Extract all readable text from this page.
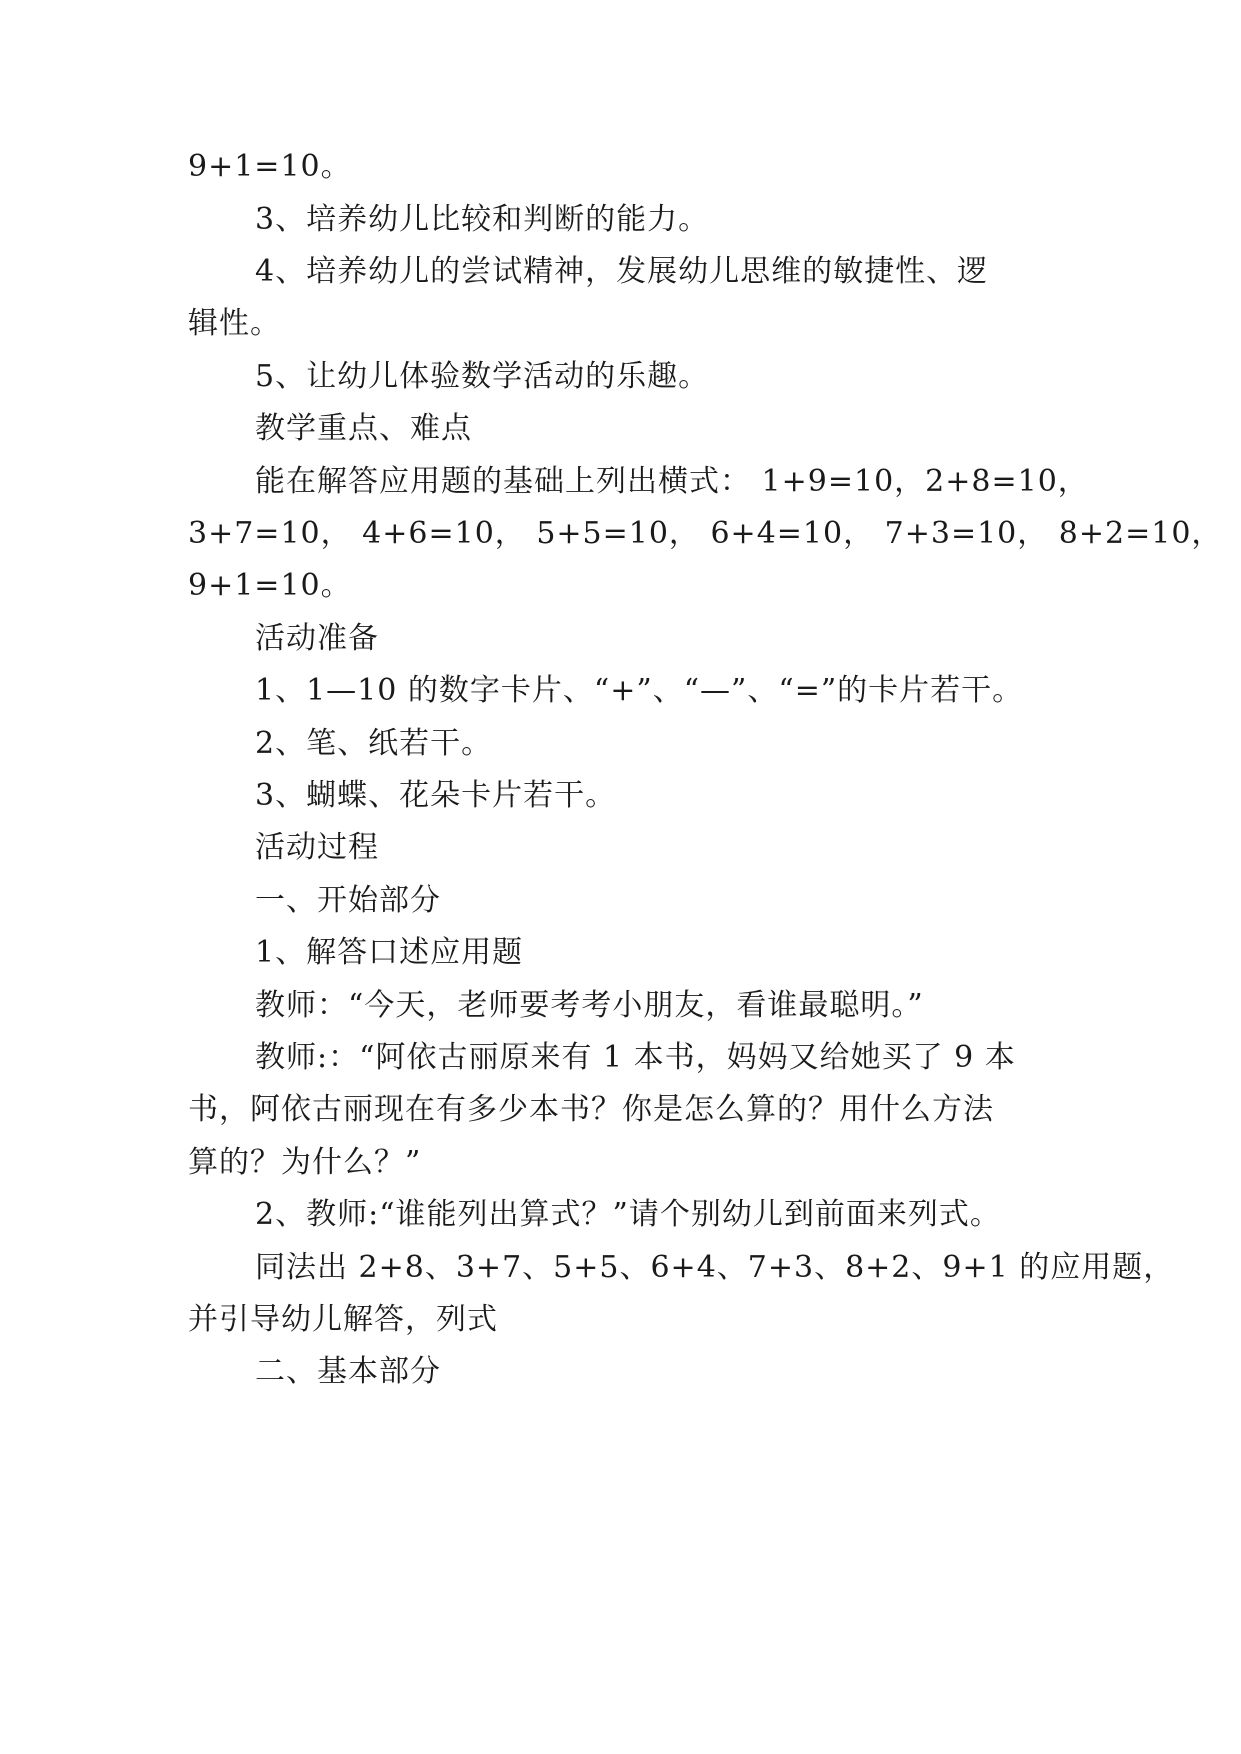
9+1=10。
3、培养幼儿比较和判断的能力。
4、培养幼儿的尝试精神，发展幼儿思维的敏捷性、逻
辑性。
5、让幼儿体验数学活动的乐趣。
教学重点、难点
能在解答应用题的基础上列出横式： 1+9=10，2+8=10，
3+7=10， 4+6=10， 5+5=10， 6+4=10， 7+3=10， 8+2=10，
9+1=10。
活动准备
1、1—10 的数字卡片、“+”、“—”、“=”的卡片若干。
2、笔、纸若干。
3、蝴蝶、花朵卡片若干。
活动过程
一、开始部分
1、解答口述应用题
教师：“今天，老师要考考小朋友，看谁最聪明。”
教师:：“阿依古丽原来有 1 本书，妈妈又给她买了 9 本
书，阿依古丽现在有多少本书？你是怎么算的？用什么方法
算的？为什么？”
2、教师:“谁能列出算式？”请个别幼儿到前面来列式。
同法出 2+8、3+7、5+5、6+4、7+3、8+2、9+1 的应用题，
并引导幼儿解答，列式
二、基本部分
